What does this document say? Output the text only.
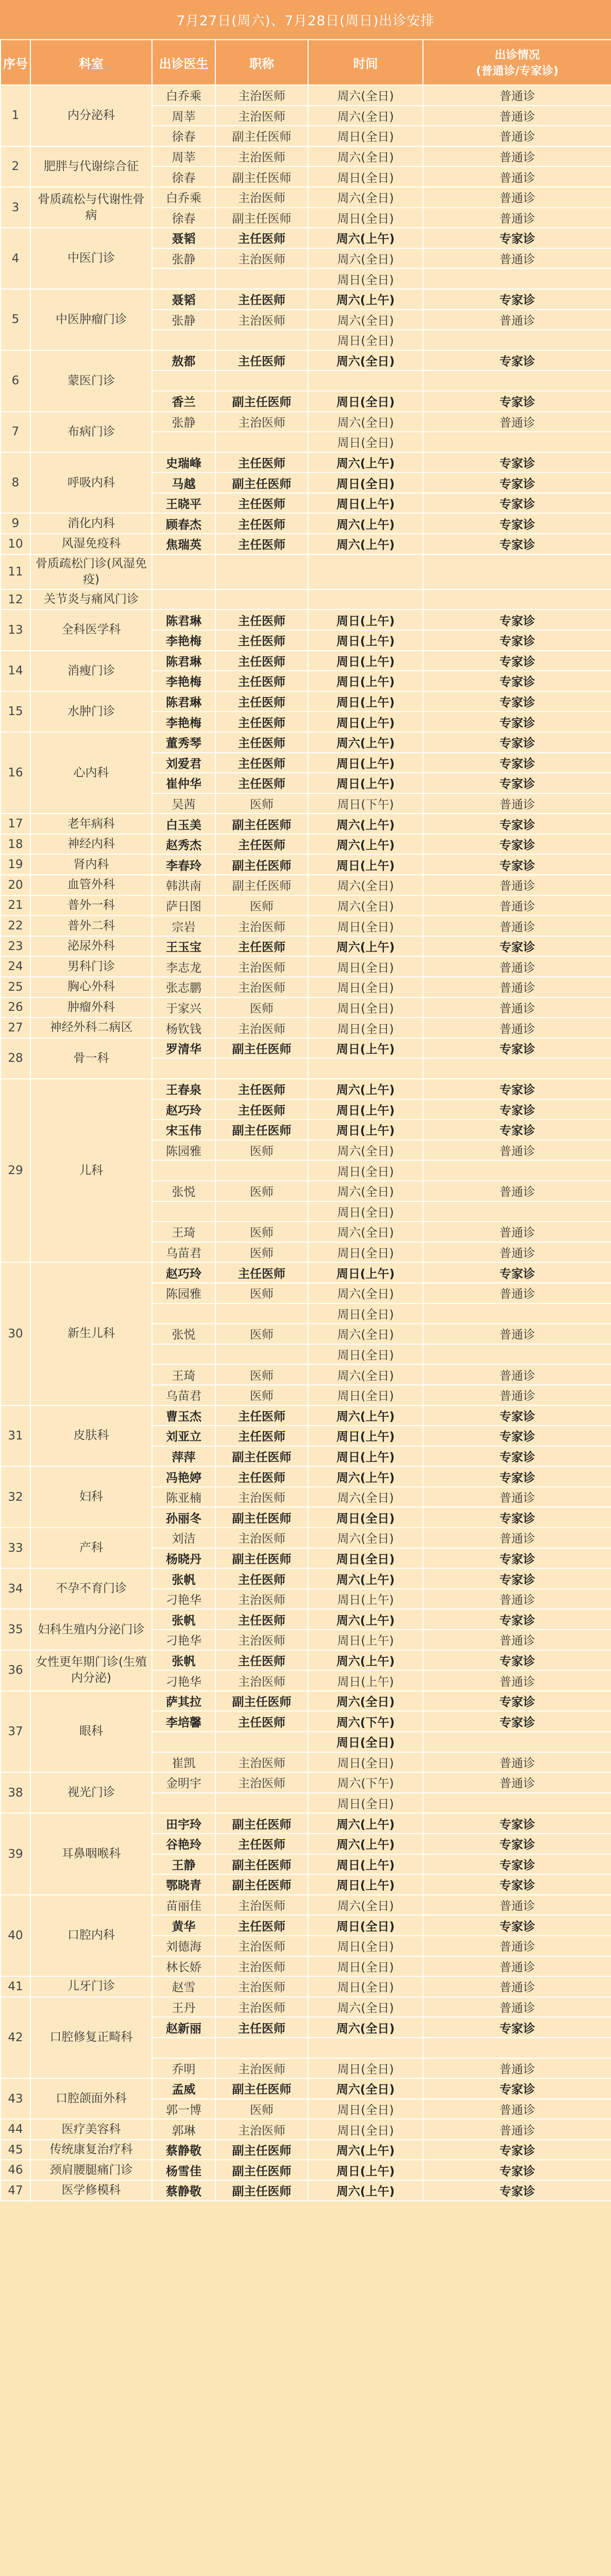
7月27日(周六)、7月28日(周日)出诊安排
序号	科室	出诊医生	职称	时间	出诊情况
(普通诊/专家诊)

1	内分泌科	白乔乘	主治医师	周六(全日)	普通诊
		周莘	主治医师	周六(全日)	普通诊
		徐春	副主任医师	周日(全日)	普通诊
2	肥胖与代谢综合征	周莘	主治医师	周六(全日)	普通诊
		徐春	副主任医师	周日(全日)	普通诊
3	骨质疏松与代谢性骨病	白乔乘	主治医师	周六(全日)	普通诊
		徐春	副主任医师	周日(全日)	普通诊
4	中医门诊	聂韬	主任医师	周六(上午)	专家诊
		张静	主治医师	周六(全日)	普通诊
				周日(全日)	
5	中医肿瘤门诊	聂韬	主任医师	周六(上午)	专家诊
		张静	主治医师	周六(全日)	普通诊
				周日(全日)	
6	蒙医门诊	敖都	主任医师	周六(全日)	专家诊

		香兰	副主任医师	周日(全日)	专家诊
7	布病门诊	张静	主治医师	周六(全日)	普通诊
				周日(全日)	
8	呼吸内科	史瑞峰	主任医师	周六(上午)	专家诊
		马越	副主任医师	周日(全日)	专家诊
		王晓平	主任医师	周日(上午)	专家诊
9	消化内科	顾春杰	主任医师	周六(上午)	专家诊
10	风湿免疫科	焦瑞英	主任医师	周六(上午)	专家诊
11	骨质疏松门诊(风湿免疫)				
12	关节炎与痛风门诊				
13	全科医学科	陈君琳	主任医师	周日(上午)	专家诊
		李艳梅	主任医师	周日(上午)	专家诊
14	消瘦门诊	陈君琳	主任医师	周日(上午)	专家诊
		李艳梅	主任医师	周日(上午)	专家诊
15	水肿门诊	陈君琳	主任医师	周日(上午)	专家诊
		李艳梅	主任医师	周日(上午)	专家诊
16	心内科	董秀琴	主任医师	周六(上午)	专家诊
		刘爱君	主任医师	周日(上午)	专家诊
		崔仲华	主任医师	周日(上午)	专家诊
		吴茜	医师	周日(下午)	普通诊
17	老年病科	白玉美	副主任医师	周六(上午)	专家诊
18	神经内科	赵秀杰	主任医师	周六(上午)	专家诊
19	肾内科	李春玲	副主任医师	周日(上午)	专家诊
20	血管外科	韩洪南	副主任医师	周六(全日)	普通诊
21	普外一科	萨日图	医师	周六(全日)	普通诊
22	普外二科	宗岩	主治医师	周日(全日)	普通诊
23	泌尿外科	王玉宝	主任医师	周六(上午)	专家诊
24	男科门诊	李志龙	主治医师	周日(全日)	普通诊
25	胸心外科	张志鹏	主治医师	周日(全日)	普通诊
26	肿瘤外科	于家兴	医师	周日(全日)	普通诊
27	神经外科二病区	杨钦钱	主治医师	周日(全日)	普通诊
28	骨一科	罗清华	副主任医师	周日(上午)	专家诊

29	儿科	王春泉	主任医师	周六(上午)	专家诊
		赵巧玲	主任医师	周日(上午)	专家诊
		宋玉伟	副主任医师	周日(上午)	专家诊
		陈园雅	医师	周六(全日)	普通诊
				周日(全日)	
		张悦	医师	周六(全日)	普通诊
				周日(全日)	
		王琦	医师	周六(全日)	普通诊
		乌苗君	医师	周日(全日)	普通诊
30	新生儿科	赵巧玲	主任医师	周日(上午)	专家诊
		陈园雅	医师	周六(全日)	普通诊
				周日(全日)	
		张悦	医师	周六(全日)	普通诊
				周日(全日)	
		王琦	医师	周六(全日)	普通诊
		乌苗君	医师	周日(全日)	普通诊
31	皮肤科	曹玉杰	主任医师	周六(上午)	专家诊
		刘亚立	主任医师	周日(上午)	专家诊
		萍萍	副主任医师	周日(上午)	专家诊
32	妇科	冯艳婷	主任医师	周六(上午)	专家诊
		陈亚楠	主治医师	周六(全日)	普通诊
		孙丽冬	副主任医师	周日(全日)	专家诊
33	产科	刘洁	主治医师	周六(全日)	普通诊
		杨晓丹	副主任医师	周日(全日)	专家诊
34	不孕不育门诊	张帆	主任医师	周六(上午)	专家诊
		刁艳华	主治医师	周日(上午)	普通诊
35	妇科生殖内分泌门诊	张帆	主任医师	周六(上午)	专家诊
		刁艳华	主治医师	周日(上午)	普通诊
36	女性更年期门诊(生殖内分泌)	张帆	主任医师	周六(上午)	专家诊
		刁艳华	主治医师	周日(上午)	普通诊
37	眼科	萨其拉	副主任医师	周六(全日)	专家诊
		李培馨	主任医师	周六(下午)	专家诊
				周日(全日)	
		崔凯	主治医师	周日(全日)	普通诊
38	视光门诊	金明宇	主治医师	周六(下午)	普通诊
				周日(全日)	
39	耳鼻咽喉科	田宇玲	副主任医师	周六(上午)	专家诊
		谷艳玲	主任医师	周六(上午)	专家诊
		王静	副主任医师	周日(上午)	专家诊
		鄂晓青	副主任医师	周日(上午)	专家诊
40	口腔内科	苗丽佳	主治医师	周六(全日)	普通诊
		黄华	主任医师	周日(全日)	专家诊
		刘德海	主治医师	周日(全日)	普通诊
		林长娇	主治医师	周日(全日)	普通诊
41	儿牙门诊	赵雪	主治医师	周日(全日)	普通诊
42	口腔修复正畸科	王丹	主治医师	周六(全日)	普通诊
		赵新丽	主任医师	周六(全日)	专家诊

		乔明	主治医师	周日(全日)	普通诊
43	口腔颌面外科	孟威	副主任医师	周六(全日)	专家诊
		郭一博	医师	周日(全日)	普通诊
44	医疗美容科	郭琳	主治医师	周日(全日)	普通诊
45	传统康复治疗科	蔡静敬	副主任医师	周六(上午)	专家诊
46	颈肩腰腿痛门诊	杨雪佳	副主任医师	周日(上午)	专家诊
47	医学修模科	蔡静敬	副主任医师	周六(上午)	专家诊
